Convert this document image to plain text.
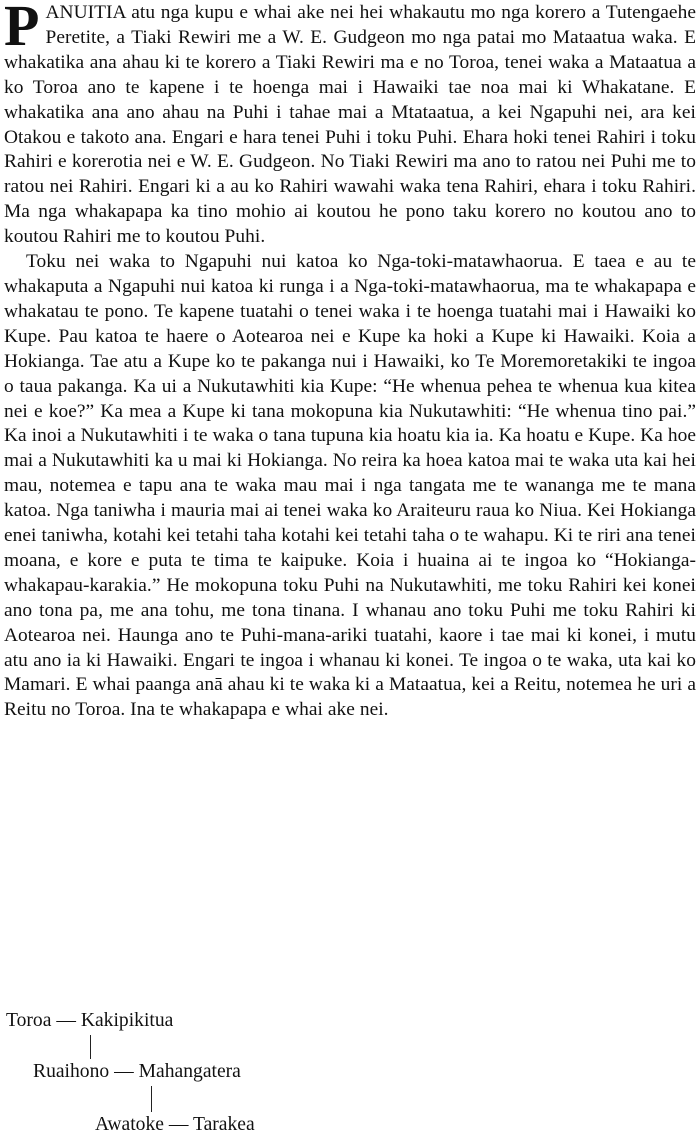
PANUITIA atu nga kupu e whai ake nei hei whakautu mo nga korero a Tutengaehe Peretite, a Tiaki Rewiri me a W. E. Gudgeon mo nga patai mo Mataatua waka. E whakatika ana ahau ki te korero a Tiaki Rewiri ma e no Toroa, tenei waka a Mataatua a ko Toroa ano te kapene i te hoenga mai i Hawaiki tae noa mai ki Whakatane. E whakatika ana ano ahau na Puhi i tahae mai a Mtataatua, a kei Ngapuhi nei, ara kei Otakou e takoto ana. Engari e hara tenei Puhi i toku Puhi. Ehara hoki tenei Rahiri i toku Rahiri e korerotia nei e W. E. Gudgeon. No Tiaki Rewiri ma ano to ratou nei Puhi me to ratou nei Rahiri. Engari ki a au ko Rahiri wawahi waka tena Rahiri, ehara i toku Rahiri. Ma nga whakapapa ka tino mohio ai koutou he pono taku korero no koutou ano to koutou Rahiri me to koutou Puhi.

Toku nei waka to Ngapuhi nui katoa ko Nga-toki-matawhaorua. E taea e au te whakaputa a Ngapuhi nui katoa ki runga i a Nga-toki-matawhaorua, ma te whakapapa e whakatau te pono. Te kapene tuatahi o tenei waka i te hoenga tuatahi mai i Hawaiki ko Kupe. Pau katoa te haere o Aotearoa nei e Kupe ka hoki a Kupe ki Hawaiki. Koia a Hokianga. Tae atu a Kupe ko te pakanga nui i Hawaiki, ko Te Moremoretakiki te ingoa o taua pakanga. Ka ui a Nukutawhiti kia Kupe: “He whenua pehea te whenua kua kitea nei e koe?” Ka mea a Kupe ki tana mokopuna kia Nukutawhiti: “He whenua tino pai.” Ka inoi a Nukutawhiti i te waka o tana tupuna kia hoatu kia ia. Ka hoatu e Kupe. Ka hoe mai a Nukutawhiti ka u mai ki Hokianga. No reira ka hoea katoa mai te waka uta kai hei mau, notemea e tapu ana te waka mau mai i nga tangata me te wananga me te mana katoa. Nga taniwha i mauria mai ai tenei waka ko Araiteuru raua ko Niua. Kei Hokianga enei taniwha, kotahi kei tetahi taha kotahi kei tetahi taha o te wahapu. Ki te riri ana tenei moana, e kore e puta te tima te kaipuke. Koia i huaina ai te ingoa ko “Hokianga-whakapau-karakia.” He mokopuna toku Puhi na Nukutawhiti, me toku Rahiri kei konei ano tona pa, me ana tohu, me tona tinana. I whanau ano toku Puhi me toku Rahiri ki Aotearoa nei. Haunga ano te Puhi-mana-ariki tuatahi, kaore i tae mai ki konei, i mutu atu ano ia ki Hawaiki. Engari te ingoa i whanau ki konei. Te ingoa o te waka, uta kai ko Mamari. E whai paanga anā ahau ki te waka ki a Mataatua, kei a Reitu, notemea he uri a Reitu no Toroa. Ina te whakapapa e whai ake nei.

Toroa — Kakipikitua
Ruaihono — Mahangatera
Awatoke — Tarakea
